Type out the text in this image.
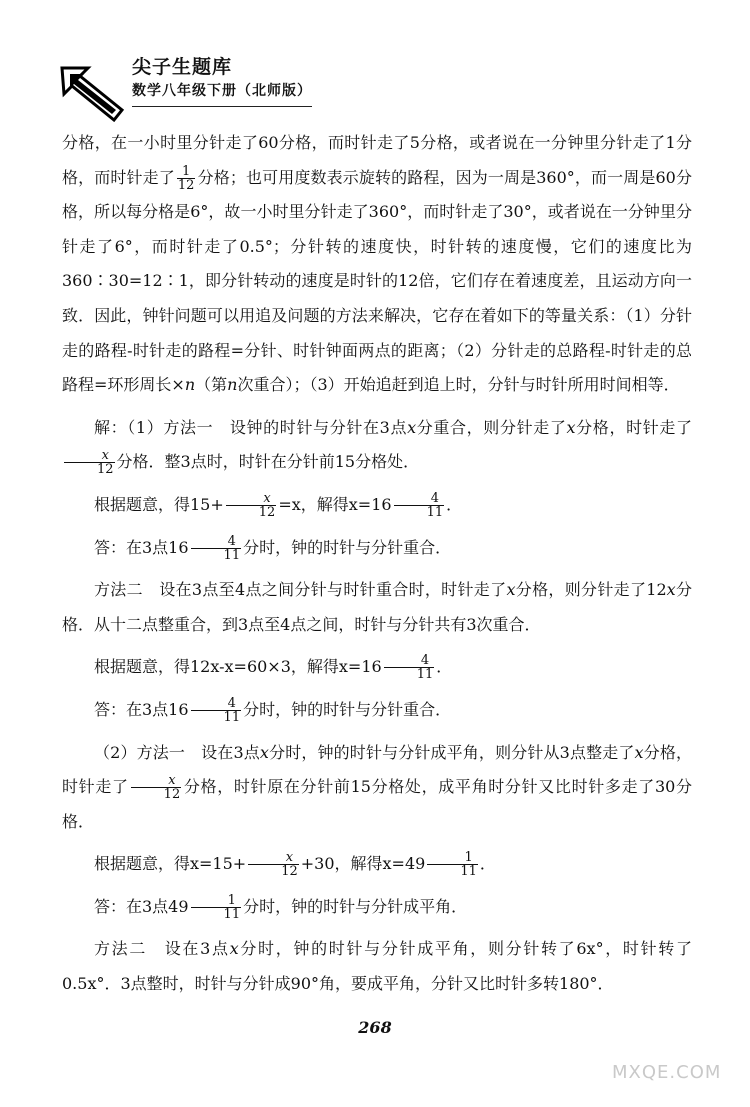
尖子生题库
数学八年级下册（北师版）

分格，在一小时里分针走了60分格，而时针走了5分格，或者说在一分钟里分针走了1分格，而时针走了 $\frac{1}{12}$ 分格；也可用度数表示旋转的路程，因为一周是360°，而一周是60分格，所以每分格是6°，故一小时里分针走了360°，而时针走了30°，或者说在一分钟里分针走了6°，而时针走了0.5°；分针转的速度快，时针转的速度慢，它们的速度比为360∶30=12∶1，即分针转动的速度是时针的12倍，它们存在着速度差，且运动方向一致．因此，钟针问题可以用追及问题的方法来解决，它存在着如下的等量关系：（1）分针走的路程-时针走的路程=分针、时针钟面两点的距离；（2）分针走的总路程-时针走的总路程=环形周长×n（第n次重合）；（3）开始追赶到追上时，分针与时针所用时间相等．

解：（1）方法一　设钟的时针与分针在3点x分重合，则分针走了x分格，时针走了
$\frac{x}{12}$ 分格．整3点时，时针在分针前15分格处．

根据题意，得$15+ \frac{x}{12} =x$，解得$x=16 \frac{4}{11}$ ．

答：在3点$16 \frac{4}{11}$ 分时，钟的时针与分针重合．

方法二　设在3点至4点之间分针与时针重合时，时针走了x分格，则分针走了12x分格．从十二点整重合，到3点至4点之间，时针与分针共有3次重合．

根据题意，得12x-x=60×3，解得$x=16 \frac{4}{11}$ ．

答：在3点$16 \frac{4}{11}$ 分时，钟的时针与分针重合．

（2）方法一　设在3点x分时，钟的时针与分针成平角，则分针从3点整走了x分格，时针走了 $\frac{x}{12}$ 分格，时针原在分针前15分格处，成平角时分针又比时针多走了30分格．

根据题意，得$x=15+ \frac{x}{12} +30$，解得$x=49 \frac{1}{11}$ ．

答：在3点$49 \frac{1}{11}$ 分时，钟的时针与分针成平角．

方法二　设在3点x分时，钟的时针与分针成平角，则分针转了6x°，时针转了0.5x°．3点整时，时针与分针成90°角，要成平角，分针又比时针多转180°．

268
MXQE.COM
